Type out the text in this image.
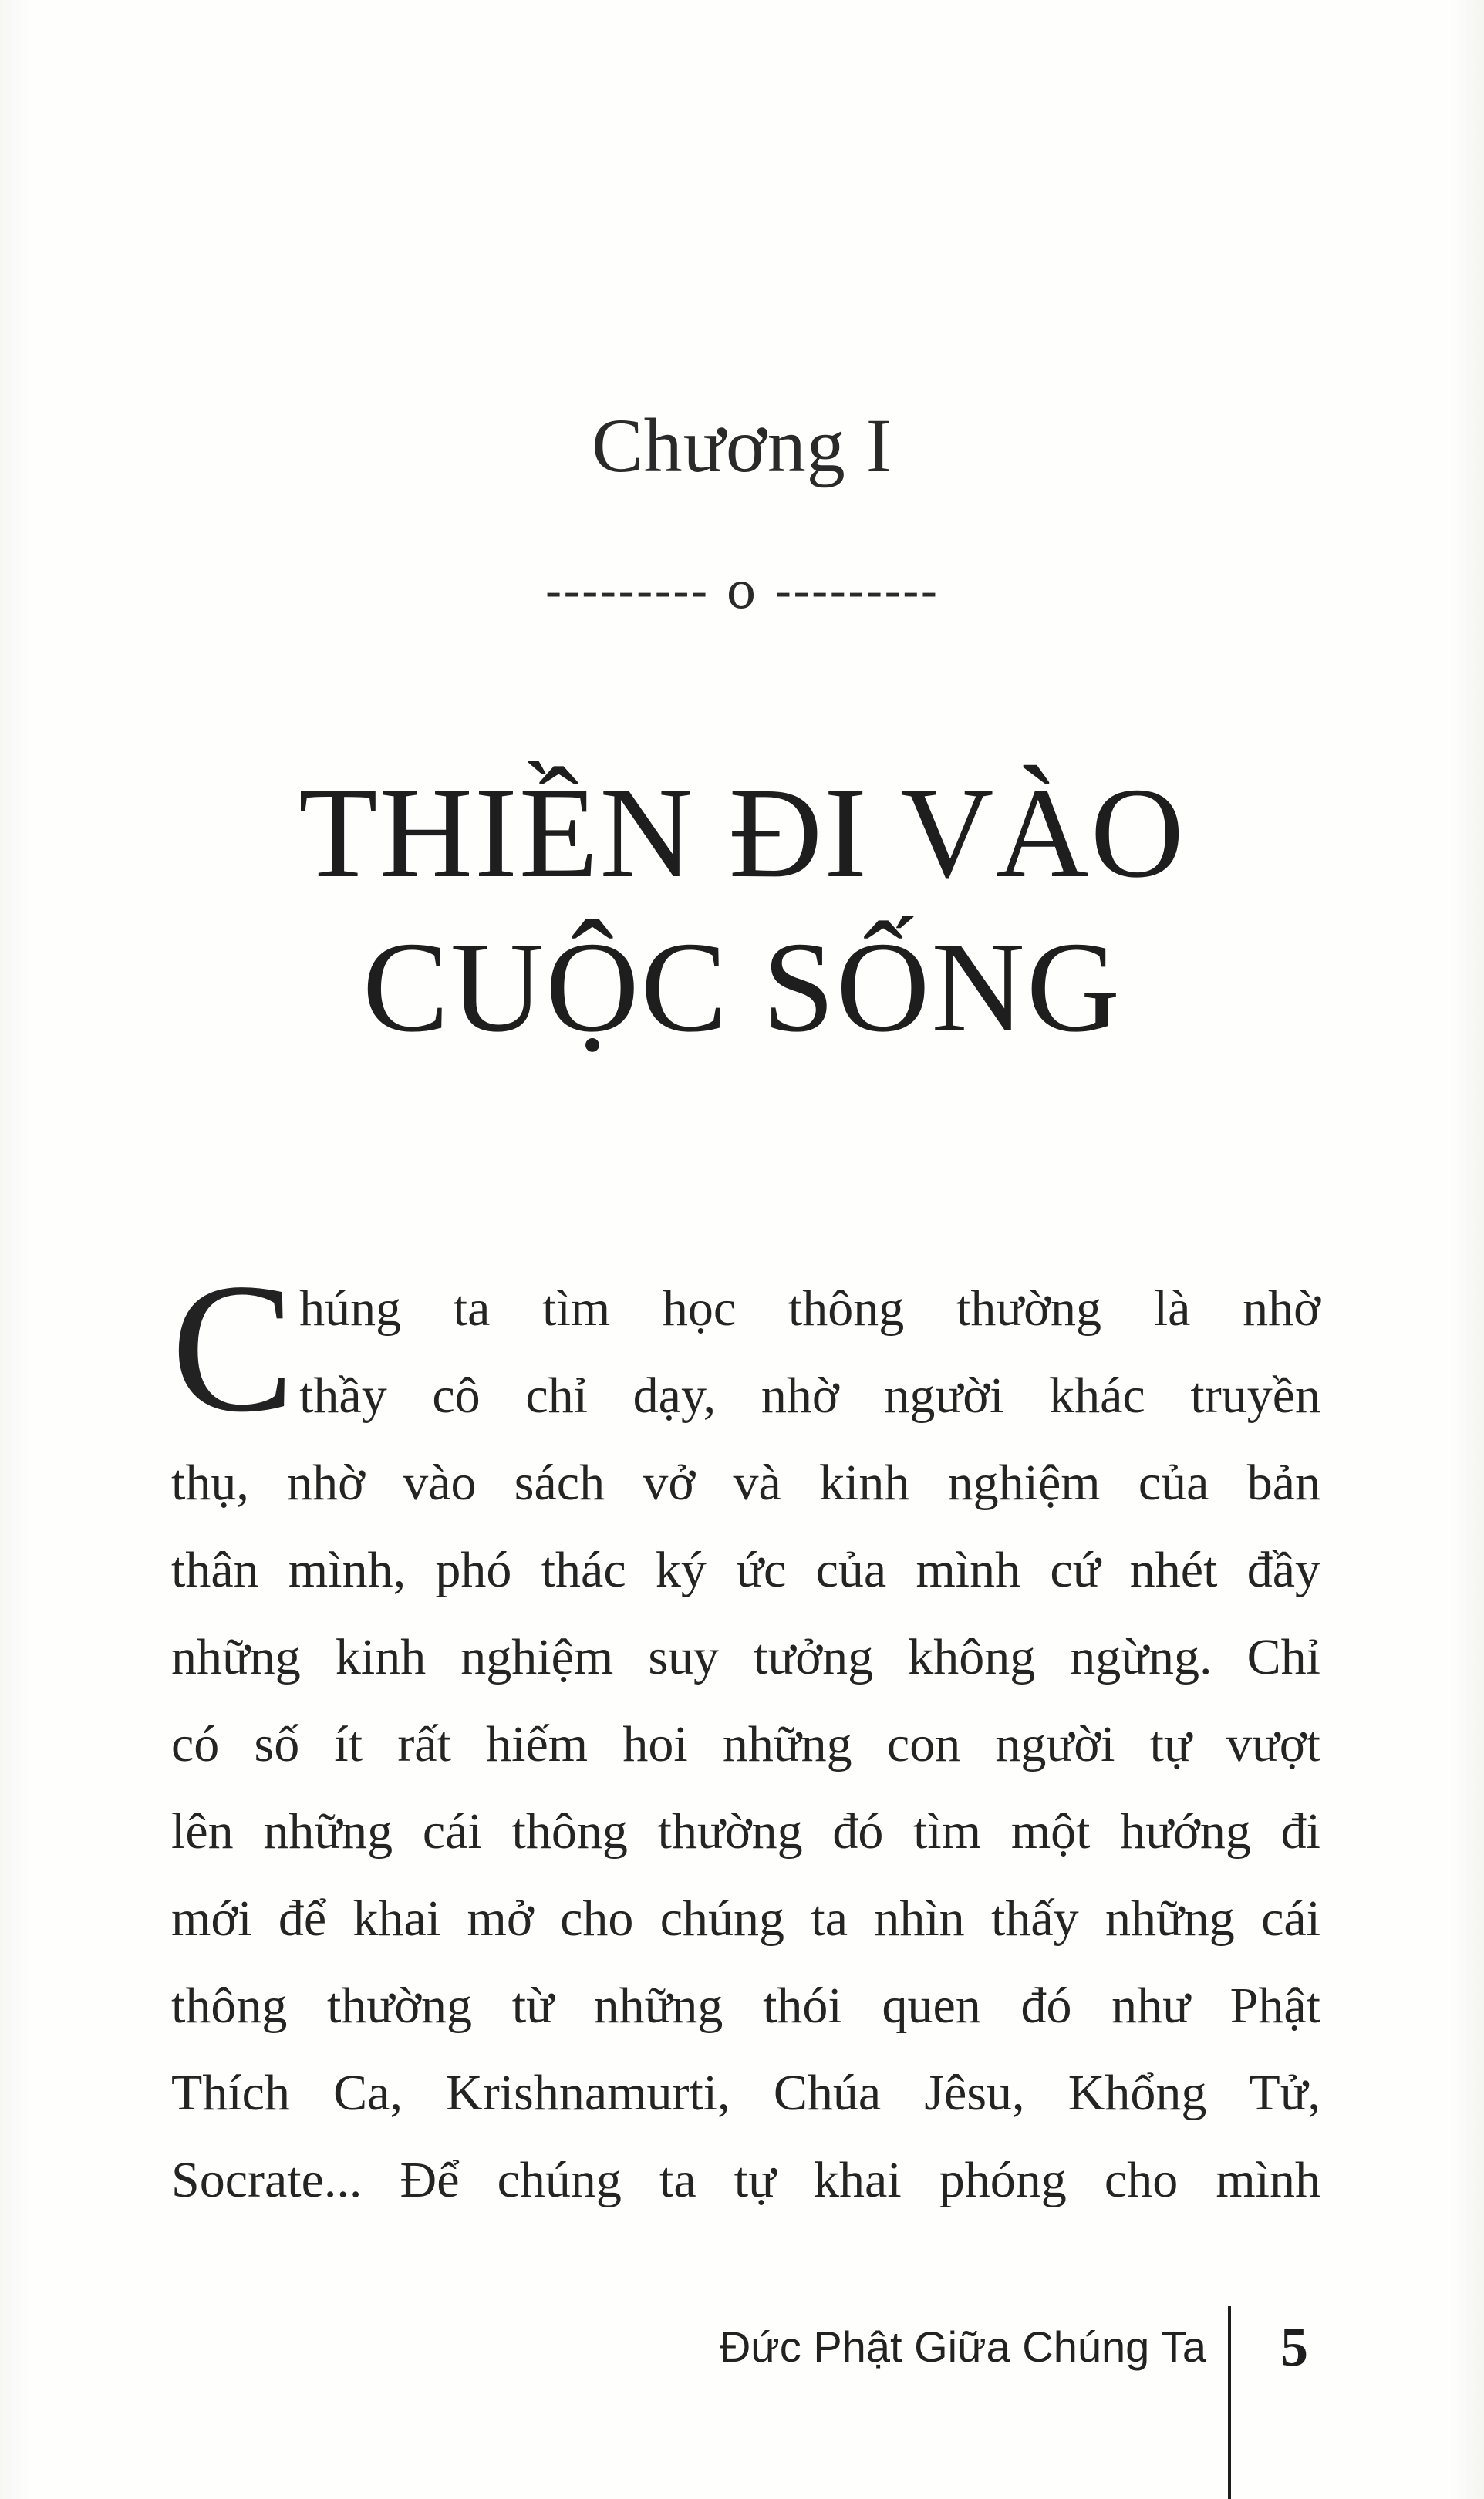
Chương I
--------- o ---------
THIỀN ĐI VÀO
CUỘC SỐNG
C húng ta tìm học thông thường là nhờ
thầy cô chỉ dạy, nhờ người khác truyền
thụ, nhờ vào sách vở và kinh nghiệm của bản
thân mình, phó thác ký ức của mình cứ nhét đầy
những kinh nghiệm suy tưởng không ngừng. Chỉ
có số ít rất hiếm hoi những con người tự vượt
lên những cái thông thường đó tìm một hướng đi
mới để khai mở cho chúng ta nhìn thấy những cái
thông thường từ những thói quen đó như Phật
Thích Ca, Krishnamurti, Chúa Jêsu, Khổng Tử,
Socrate... Để chúng ta tự khai phóng cho mình
Đức Phật Giữa Chúng Ta 5
